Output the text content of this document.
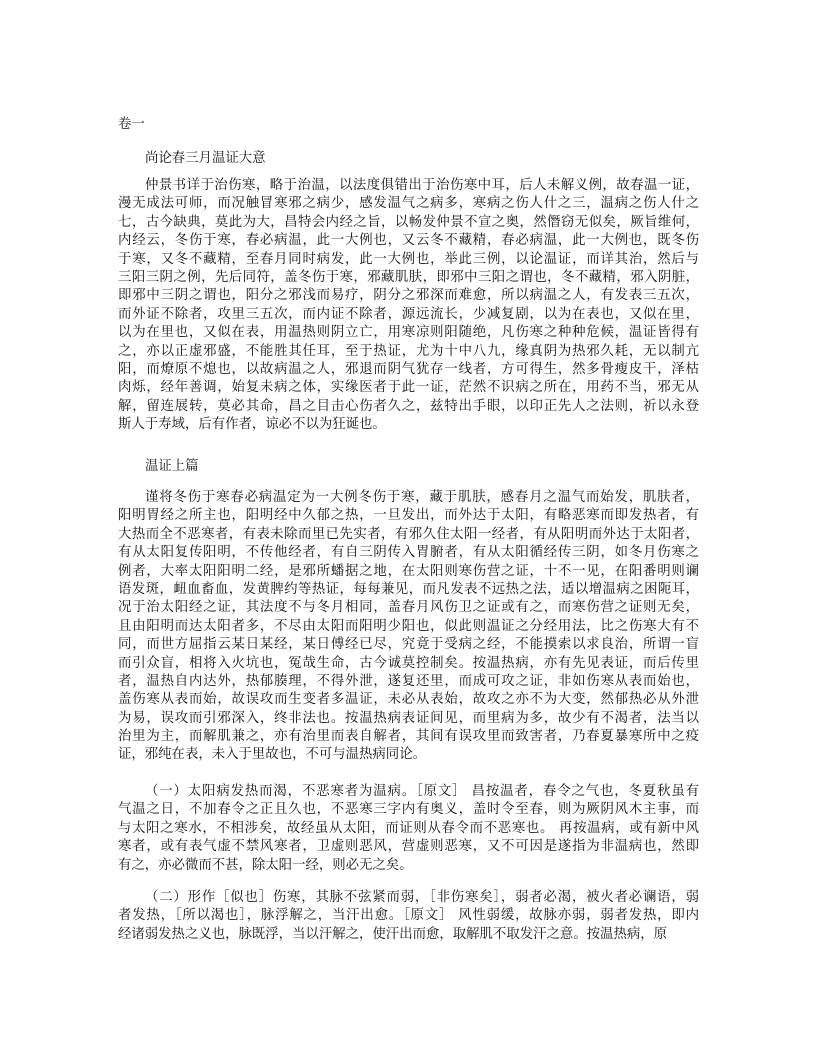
卷一
尚论春三月温证大意
仲景书详于治伤寒，略于治温，以法度俱错出于治伤寒中耳，后人未解义例，故春温一证，
漫无成法可师，而况触冒寒邪之病少，感发温气之病多，寒病之伤人什之三，温病之伤人什之
七，古今缺典，莫此为大，昌特会内经之旨，以畅发仲景不宣之奥，然僭窃无似矣，厥旨维何，
内经云，冬伤于寒，春必病温，此一大例也，又云冬不藏精，春必病温，此一大例也，既冬伤
于寒，又冬不藏精，至春月同时病发，此一大例也，举此三例，以论温证，而详其治，然后与
三阳三阴之例，先后同符，盖冬伤于寒，邪藏肌肤，即邪中三阳之谓也，冬不藏精，邪入阴脏，
即邪中三阴之谓也，阳分之邪浅而易疗，阴分之邪深而难愈，所以病温之人，有发表三五次，
而外证不除者，攻里三五次，而内证不除者，源远流长，少减复剧，以为在表也，又似在里，
以为在里也，又似在表，用温热则阴立亡，用寒凉则阳随绝，凡伤寒之种种危候，温证皆得有
之，亦以正虚邪盛，不能胜其任耳，至于热证，尤为十中八九，缘真阴为热邪久耗，无以制亢
阳，而燎原不熄也，以故病温之人，邪退而阴气犹存一线者，方可得生，然多骨瘦皮干，泽枯
肉烁，经年善调，始复未病之体，实缘医者于此一证，茫然不识病之所在，用药不当，邪无从
解，留连展转，莫必其命，昌之目击心伤者久之，兹特出手眼，以印正先人之法则，祈以永登
斯人于寿域，后有作者，谅必不以为狂诞也。
温证上篇
谨将冬伤于寒春必病温定为一大例冬伤于寒，藏于肌肤，感春月之温气而始发，肌肤者，
阳明胃经之所主也，阳明经中久郁之热，一旦发出，而外达于太阳，有略恶寒而即发热者，有
大热而全不恶寒者，有表未除而里已先实者，有邪久住太阳一经者，有从阳明而外达于太阳者，
有从太阳复传阳明，不传他经者，有自三阴传入胃腑者，有从太阳循经传三阴，如冬月伤寒之
例者，大率太阳阳明二经，是邪所蟠据之地，在太阳则寒伤营之证，十不一见，在阳番明则谰
语发斑，衄血畜血，发黄脾约等热证，每每兼见，而凡发表不远热之法，适以增温病之困阨耳，
况于治太阳经之证，其法度不与冬月相同，盖春月风伤卫之证或有之，而寒伤营之证则无矣，
且由阳明而达太阳者多，不尽由太阳而阳明少阳也，似此则温证之分经用法，比之伤寒大有不
同，而世方屈指云某日某经，某日傅经已尽，究竟于受病之经，不能摸索以求良治，所谓一盲
而引众盲，相将入火坑也，冤哉生命，古今诚莫控制矣。按温热病，亦有先见表证，而后传里
者，温热自内达外，热郁腠理，不得外泄，遂复还里，而成可攻之证，非如伤寒从表而始也，
盖伤寒从表而始，故误攻而生变者多温证，未必从表始，故攻之亦不为大变，然郁热必从外泄
为易，误攻而引邪深入，终非法也。按温热病表证间见，而里病为多，故少有不渴者，法当以
治里为主，而解肌兼之，亦有治里而表自解者，其间有误攻里而致害者，乃春夏暴寒所中之疫
证，邪纯在表，未入于里故也，不可与温热病同论。
（一）太阳病发热而渴，不恶寒者为温病。［原文］ 昌按温者，春令之气也，冬夏秋虽有
气温之日，不加春令之正且久也，不恶寒三字内有奥义，盖时令至春，则为厥阴风木主事，而
与太阳之寒水，不相涉矣，故经虽从太阳，而证则从春令而不恶寒也。 再按温病，或有新中风
寒者，或有表气虚不禁风寒者，卫虚则恶风，营虚则恶寒，又不可因是遂指为非温病也，然即
有之，亦必微而不甚，除太阳一经，则必无之矣。
（二）形作［似也］伤寒，其脉不弦紧而弱，［非伤寒矣］，弱者必渴，被火者必谰语，弱
者发热，［所以渴也］，脉浮解之，当汗出愈。［原文］ 风性弱缓，故脉亦弱，弱者发热，即内
经诸弱发热之义也，脉既浮，当以汗解之，使汗出而愈，取解肌不取发汗之意。按温热病，原
